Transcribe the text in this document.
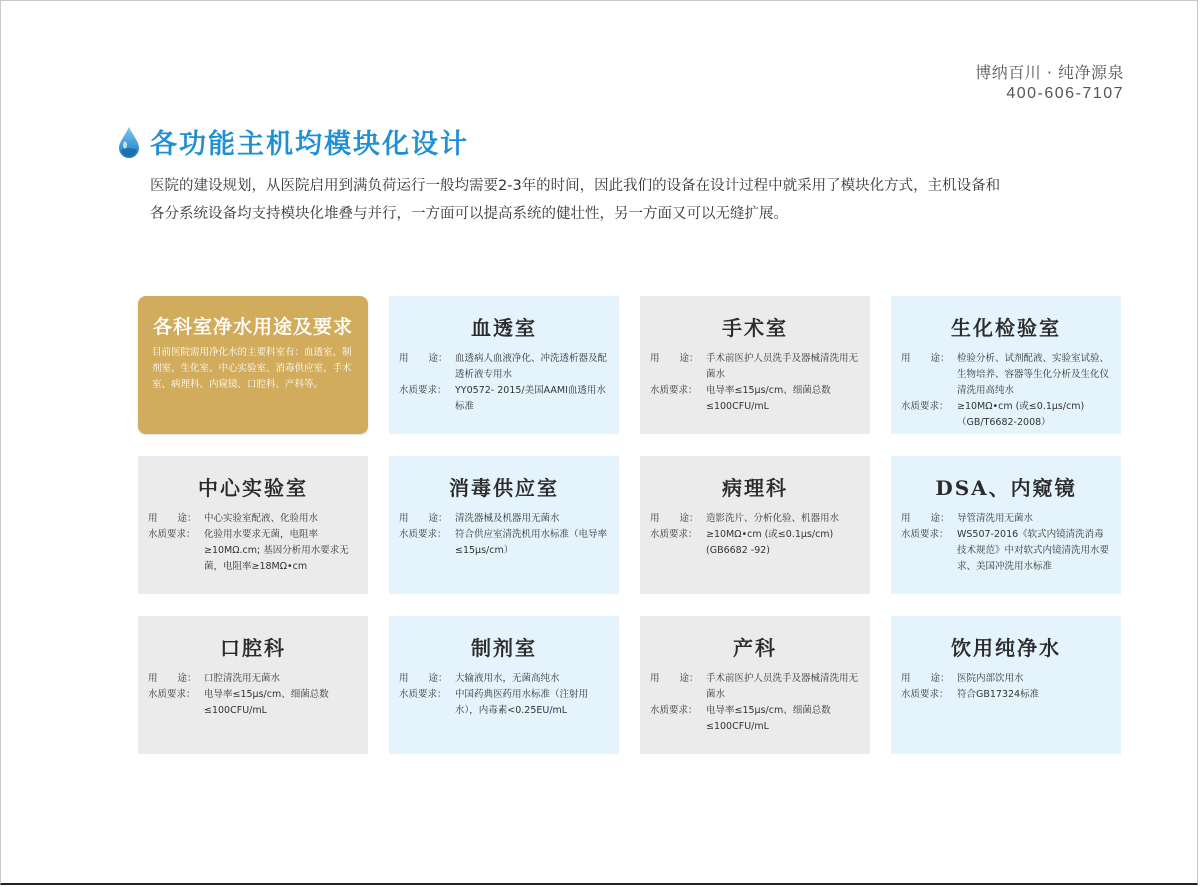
博纳百川 · 纯净源泉
400-606-7107
各功能主机均模块化设计

医院的建设规划，从医院启用到满负荷运行一般均需要2-3年的时间，因此我们的设备在设计过程中就采用了模块化方式，主机设备和

各分系统设备均支持模块化堆叠与并行，一方面可以提高系统的健壮性，另一方面又可以无缝扩展。

各科室净水用途及要求
目前医院需用净化水的主要科室有：血透室、制剂室、生化室、中心实验室、消毒供应室、手术室、病理科、内窥镜、口腔科、产科等。
血透室
用 途： 血透病人血液净化、冲洗透析器及配透析液专用水
水质要求： YY0572- 2015/美国AAMI血透用水标准
手术室
用 途： 手术前医护人员洗手及器械清洗用无菌水
水质要求： 电导率≤15μs/cm、细菌总数≤100CFU/mL
生化检验室
用 途： 检验分析、试剂配液、实验室试验、生物培养、容器等生化分析及生化仪清洗用高纯水
水质要求： ≥10MΩ•cm (或≤0.1μs/cm)（GB/T6682-2008）
中心实验室
用 途： 中心实验室配液、化验用水
水质要求： 化验用水要求无菌，电阻率≥10MΩ.cm; 基因分析用水要求无菌，电阻率≥18MΩ•cm
消毒供应室
用 途： 清洗器械及机器用无菌水
水质要求： 符合供应室清洗机用水标准（电导率≤15μs/cm）
病理科
用 途： 造影洗片、分析化验、机器用水
水质要求： ≥10MΩ•cm (或≤0.1μs/cm) (GB6682 -92)
DSA、内窥镜
用 途： 导管清洗用无菌水
水质要求： WS507-2016《软式内镜清洗消毒技术规范》中对软式内镜清洗用水要求、美国冲洗用水标准
口腔科
用 途： 口腔清洗用无菌水
水质要求： 电导率≤15μs/cm、细菌总数≤100CFU/mL
制剂室
用 途： 大输液用水，无菌高纯水
水质要求： 中国药典医药用水标准（注射用水），内毒素<0.25EU/mL
产科
用 途： 手术前医护人员洗手及器械清洗用无菌水
水质要求： 电导率≤15μs/cm、细菌总数≤100CFU/mL
饮用纯净水
用 途： 医院内部饮用水
水质要求： 符合GB17324标准
